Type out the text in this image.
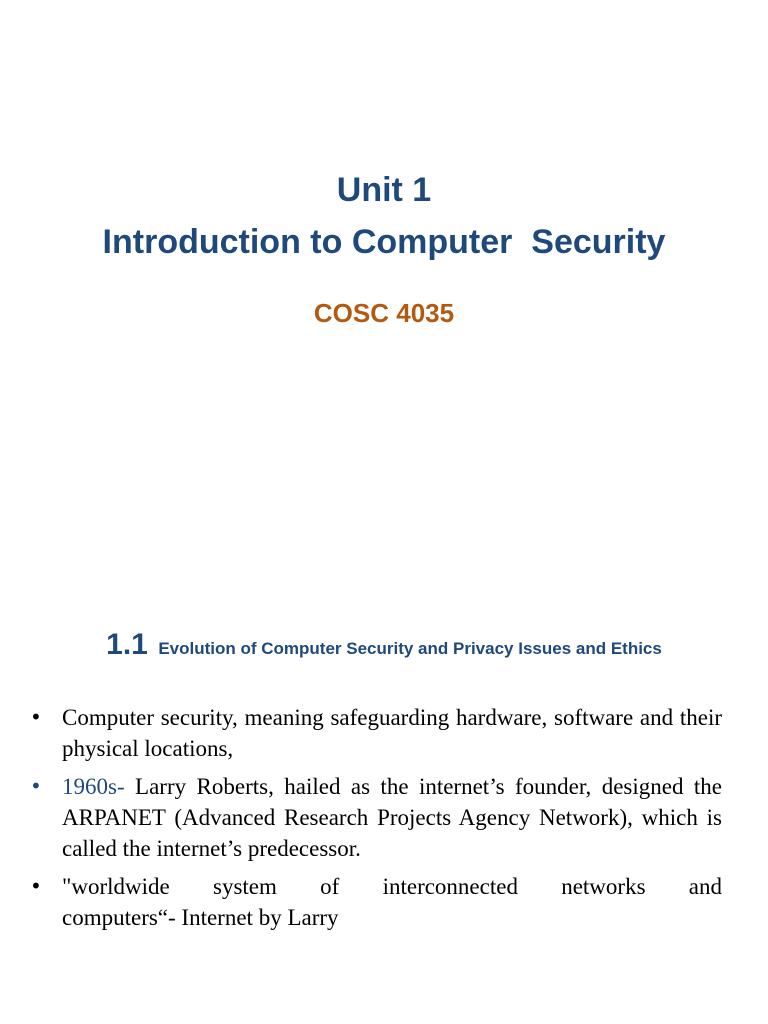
Unit 1
Introduction to Computer  Security
COSC 4035
1.1 Evolution of Computer Security and Privacy Issues and Ethics
• Computer security, meaning safeguarding hardware, software and their physical locations,
• 1960s- Larry Roberts, hailed as the internet’s founder, designed the ARPANET (Advanced Research Projects Agency Network), which is called the internet’s predecessor.
• "worldwide system of interconnected networks and
computers“- Internet by Larry
